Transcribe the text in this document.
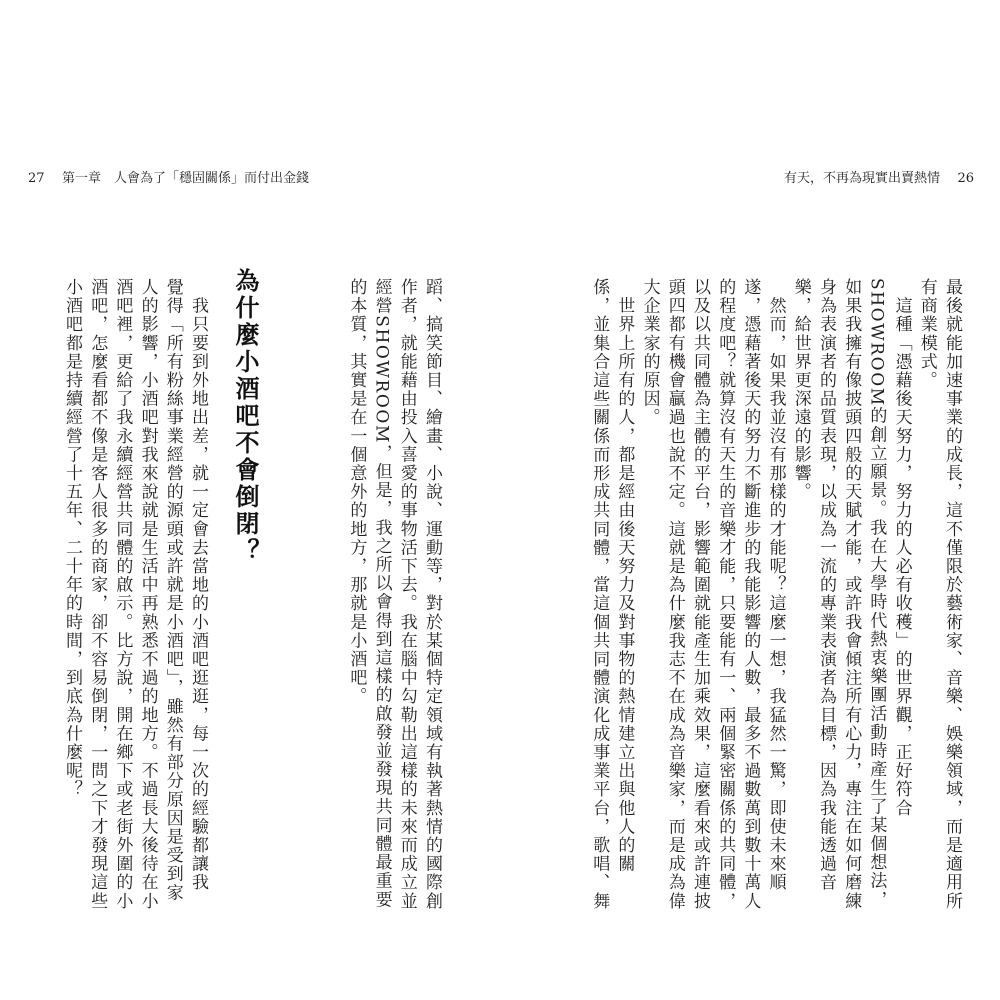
有天，不再為現實出賣熱情 26
最後就能加速事業的成長，這不僅限於藝術家、音樂、娛樂領域，而是適用所
有商業模式。
　這種「憑藉後天努力，努力的人必有收穫」的世界觀，正好符合
SHOWROOM的創立願景。我在大學時代熱衷樂團活動時產生了某個想法，
如果我擁有像披頭四般的天賦才能，或許我會傾注所有心力，專注在如何磨練
身為表演者的品質表現，以成為一流的專業表演者為目標，因為我能透過音
樂，給世界更深遠的影響。
　然而，如果我並沒有那樣的才能呢？這麼一想，我猛然一驚，即使未來順
遂，憑藉著後天的努力不斷進步的我能影響的人數，最多不過數萬到數十萬人
的程度吧？就算沒有天生的音樂才能，只要能有一、兩個緊密關係的共同體，
以及以共同體為主體的平台，影響範圍就能產生加乘效果，這麼看來或許連披
頭四都有機會贏過也說不定。這就是為什麼我志不在成為音樂家，而是成為偉
大企業家的原因。
　世界上所有的人，都是經由後天努力及對事物的熱情建立出與他人的關
係，並集合這些關係而形成共同體，當這個共同體演化成事業平台，歌唱、舞
27 第一章　人會為了「穩固關係」而付出金錢
蹈、搞笑節目、繪畫、小說、運動等，對於某個特定領域有執著熱情的國際創
作者，就能藉由投入喜愛的事物活下去。我在腦中勾勒出這樣的未來而成立並
經營SHOWROOM，但是，我之所以會得到這樣的啟發並發現共同體最重要
的本質，其實是在一個意外的地方，那就是小酒吧。
為什麼小酒吧不會倒閉？
　我只要到外地出差，就一定會去當地的小酒吧逛逛，每一次的經驗都讓我
覺得「所有粉絲事業經營的源頭或許就是小酒吧」，雖然有部分原因是受到家
人的影響，小酒吧對我來說就是生活中再熟悉不過的地方。不過長大後待在小
酒吧裡，更給了我永續經營共同體的啟示。比方說，開在鄉下或老街外圍的小
酒吧，怎麼看都不像是客人很多的商家，卻不容易倒閉，一問之下才發現這些
小酒吧都是持續經營了十五年、二十年的時間，到底為什麼呢？
